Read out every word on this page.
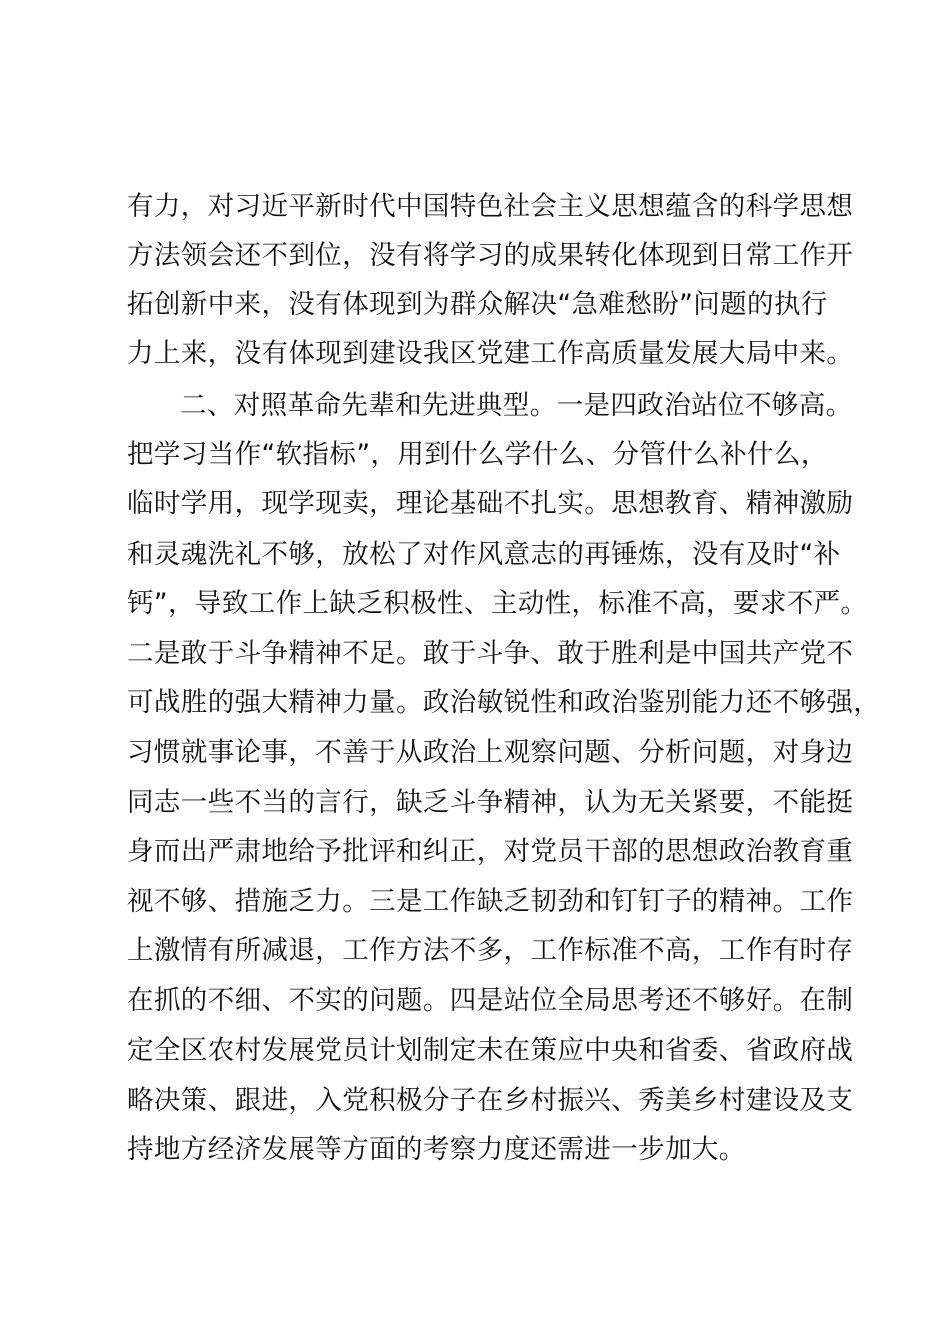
有力，对习近平新时代中国特色社会主义思想蕴含的科学思想
方法领会还不到位，没有将学习的成果转化体现到日常工作开
拓创新中来，没有体现到为群众解决“急难愁盼”问题的执行
力上来，没有体现到建设我区党建工作高质量发展大局中来。
二、对照革命先辈和先进典型。一是四政治站位不够高。
把学习当作“软指标”，用到什么学什么、分管什么补什么，
临时学用，现学现卖，理论基础不扎实。思想教育、精神激励
和灵魂洗礼不够，放松了对作风意志的再锤炼，没有及时“补
钙”，导致工作上缺乏积极性、主动性，标准不高，要求不严。
二是敢于斗争精神不足。敢于斗争、敢于胜利是中国共产党不
可战胜的强大精神力量。政治敏锐性和政治鉴别能力还不够强，
习惯就事论事，不善于从政治上观察问题、分析问题，对身边
同志一些不当的言行，缺乏斗争精神，认为无关紧要，不能挺
身而出严肃地给予批评和纠正，对党员干部的思想政治教育重
视不够、措施乏力。三是工作缺乏韧劲和钉钉子的精神。工作
上激情有所减退，工作方法不多，工作标准不高，工作有时存
在抓的不细、不实的问题。四是站位全局思考还不够好。在制
定全区农村发展党员计划制定未在策应中央和省委、省政府战
略决策、跟进，入党积极分子在乡村振兴、秀美乡村建设及支
持地方经济发展等方面的考察力度还需进一步加大。
